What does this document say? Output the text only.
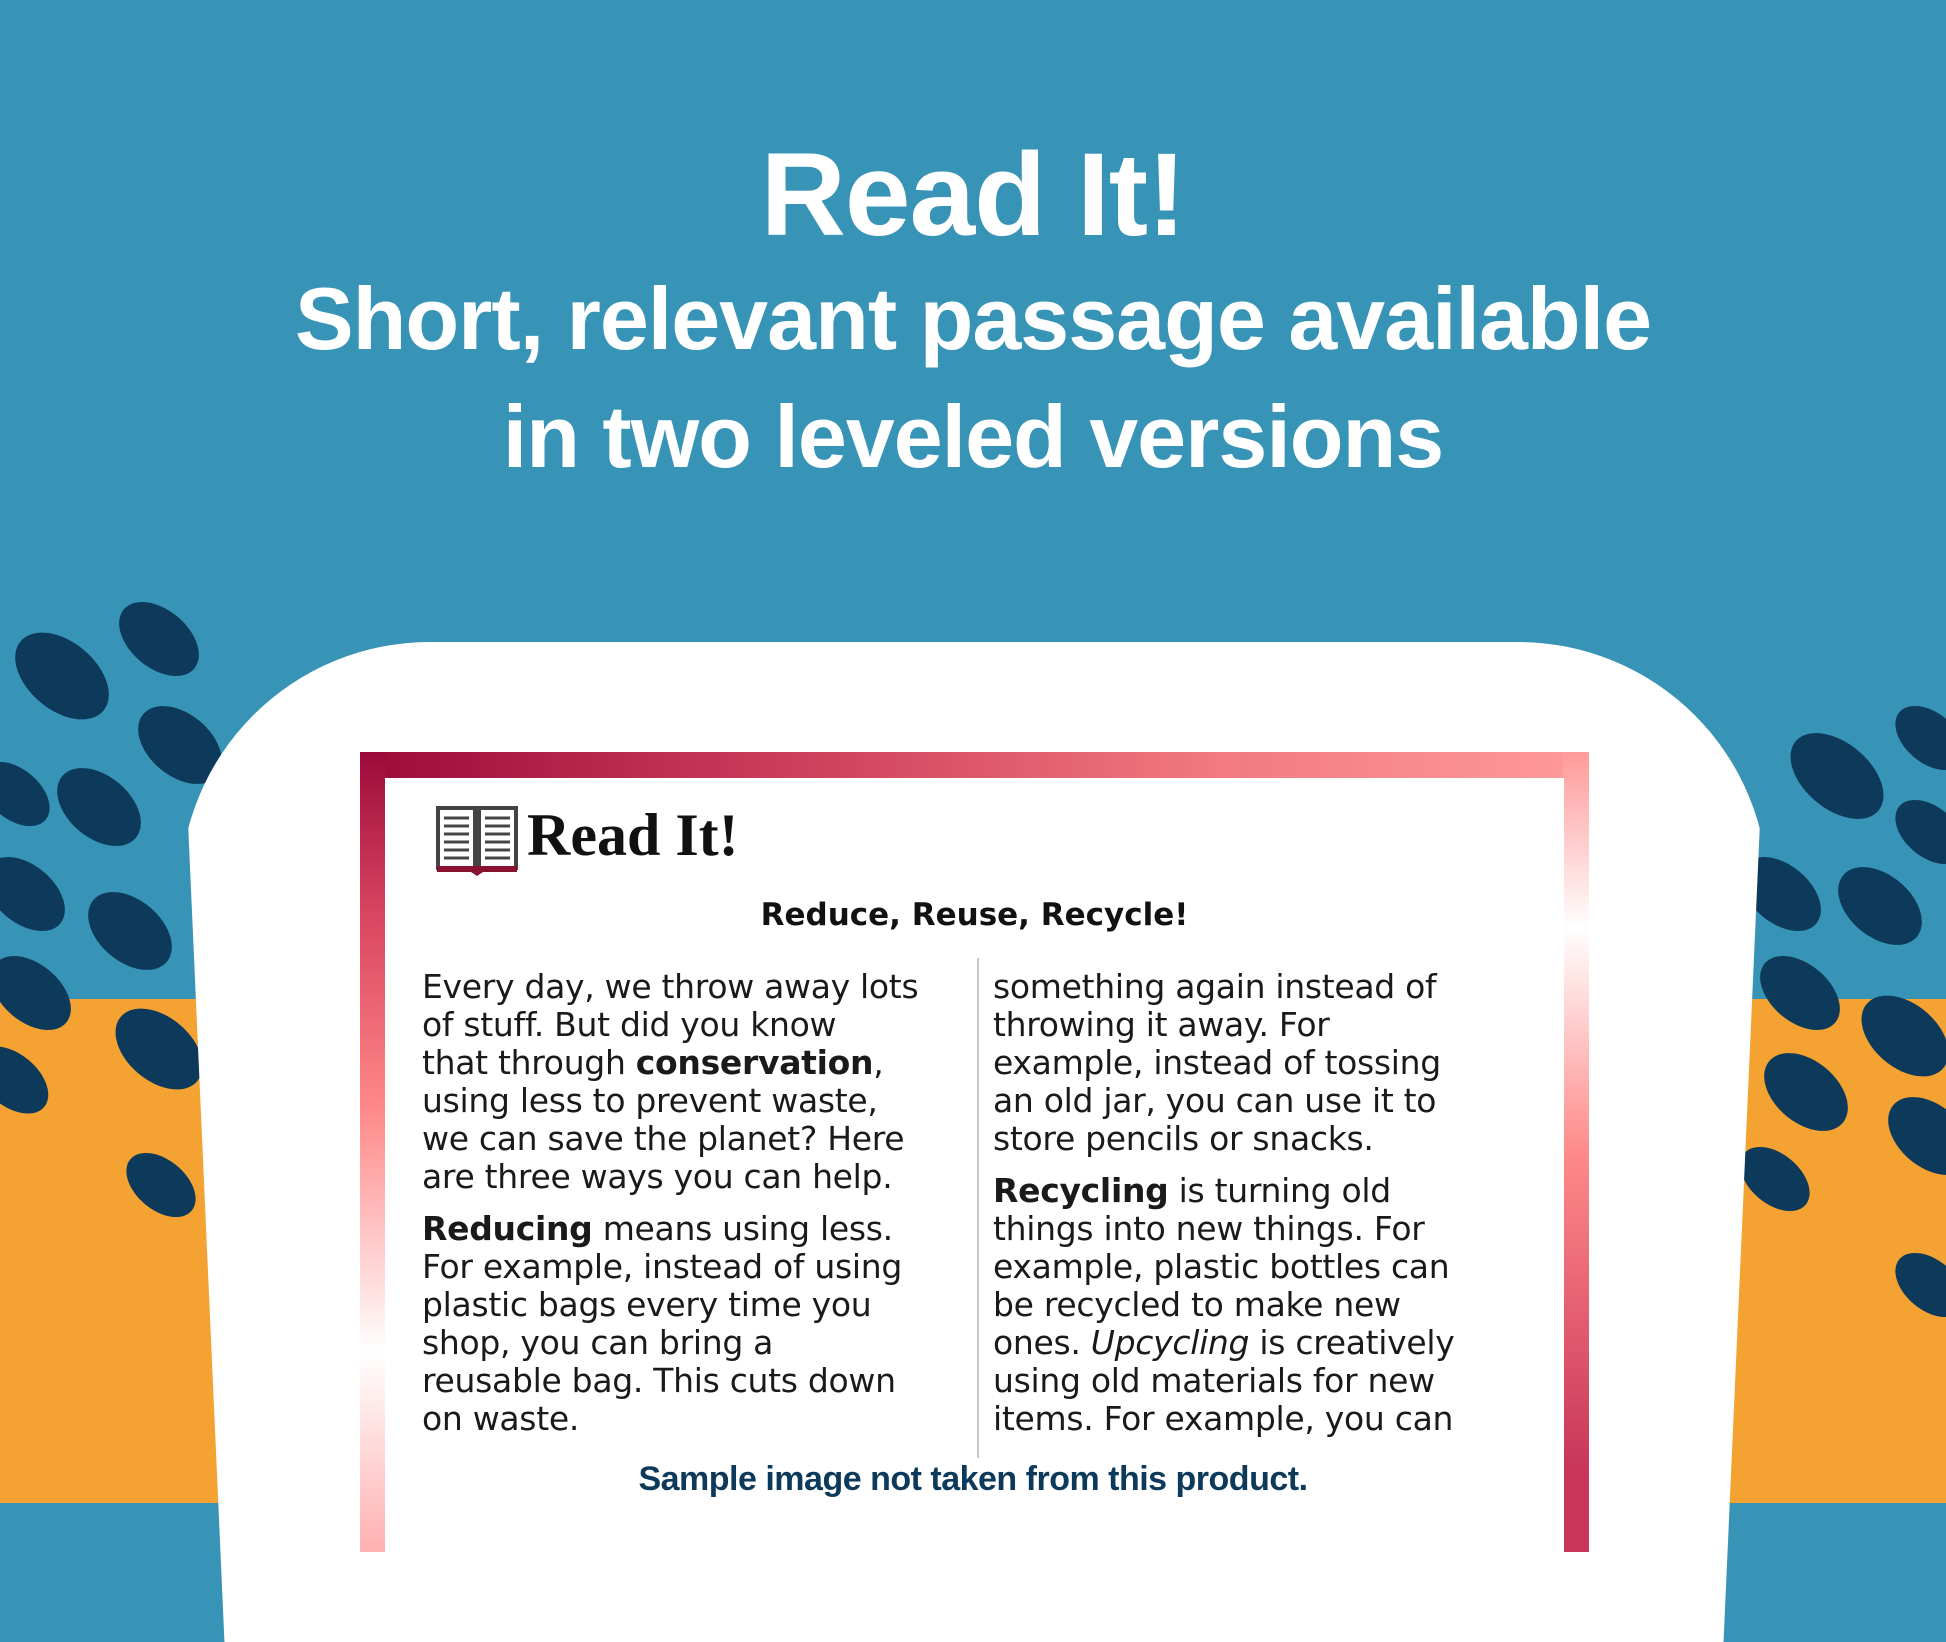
Read It!
Short, relevant passage available
in two leveled versions
Read It!
Reduce, Reuse, Recycle!
Every day, we throw away lots
of stuff. But did you know
that through conservation,
using less to prevent waste,
we can save the planet? Here
are three ways you can help.
Reducing means using less.
For example, instead of using
plastic bags every time you
shop, you can bring a
reusable bag. This cuts down
on waste.
something again instead of
throwing it away. For
example, instead of tossing
an old jar, you can use it to
store pencils or snacks.
Recycling is turning old
things into new things. For
example, plastic bottles can
be recycled to make new
ones. Upcycling is creatively
using old materials for new
items. For example, you can
Sample image not taken from this product.
